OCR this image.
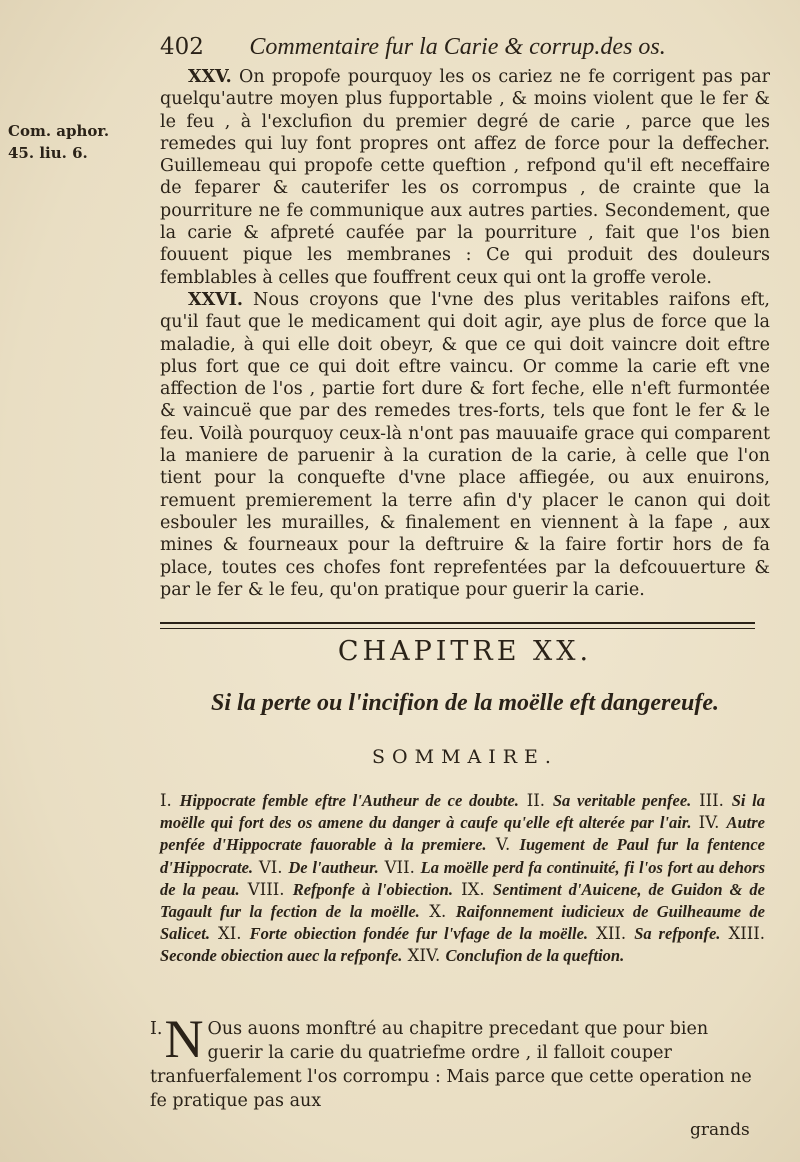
402 Commentaire fur la Carie & corrup.des os.
Com. aphor.
45. liu. 6.

XXV. On propofe pourquoy les os cariez ne fe corrigent pas par quelqu'autre moyen plus fupportable , & moins violent que le fer & le feu , à l'exclufion du premier degré de carie , parce que les remedes qui luy font propres ont affez de force pour la deffecher. Guillemeau qui propofe cette queftion , refpond qu'il eft neceffaire de feparer & cauterifer les os corrompus , de crainte que la pourriture ne fe communique aux autres parties. Secondement, que la carie & afpreté caufée par la pourriture , fait que l'os bien fouuent pique les membranes : Ce qui produit des douleurs femblables à celles que fouffrent ceux qui ont la groffe verole.

XXVI. Nous croyons que l'vne des plus veritables raifons eft, qu'il faut que le medicament qui doit agir, aye plus de force que la maladie, à qui elle doit obeyr, & que ce qui doit vaincre doit eftre plus fort que ce qui doit eftre vaincu. Or comme la carie eft vne affection de l'os , partie fort dure & fort feche, elle n'eft furmontée & vaincuë que par des remedes tres-forts, tels que font le fer & le feu. Voilà pourquoy ceux-là n'ont pas mauuaife grace qui comparent la maniere de paruenir à la curation de la carie, à celle que l'on tient pour la conquefte d'vne place affiegée, ou aux enuirons, remuent premierement la terre afin d'y placer le canon qui doit esbouler les murailles, & finalement en viennent à la fape , aux mines & fourneaux pour la deftruire & la faire fortir hors de fa place, toutes ces chofes font reprefentées par la defcouuerture & par le fer & le feu, qu'on pratique pour guerir la carie.

CHAPITRE XX.
Si la perte ou l'incifion de la moëlle eft dangereufe.
SOMMAIRE.
I. Hippocrate femble eftre l'Autheur de ce doubte. II. Sa veritable penfee. III. Si la moëlle qui fort des os amene du danger à caufe qu'elle eft alterée par l'air. IV. Autre penfée d'Hippocrate fauorable à la premiere. V. Iugement de Paul fur la fentence d'Hippocrate. VI. De l'autheur. VII. La moëlle perd fa continuité, fi l'os fort au dehors de la peau. VIII. Refponfe à l'obiection. IX. Sentiment d'Auicene, de Guidon & de Tagault fur la fection de la moëlle. X. Raifonnement iudicieux de Guilheaume de Salicet. XI. Forte obiection fondée fur l'vfage de la moëlle. XII. Sa refponfe. XIII. Seconde obiection auec la refponfe. XIV. Conclufion de la queftion.
I. N Ous auons monftré au chapitre precedant que pour bien guerir la carie du quatriefme ordre , il falloit couper tranfuerfalement l'os corrompu : Mais parce que cette operation ne fe pratique pas aux
grands
